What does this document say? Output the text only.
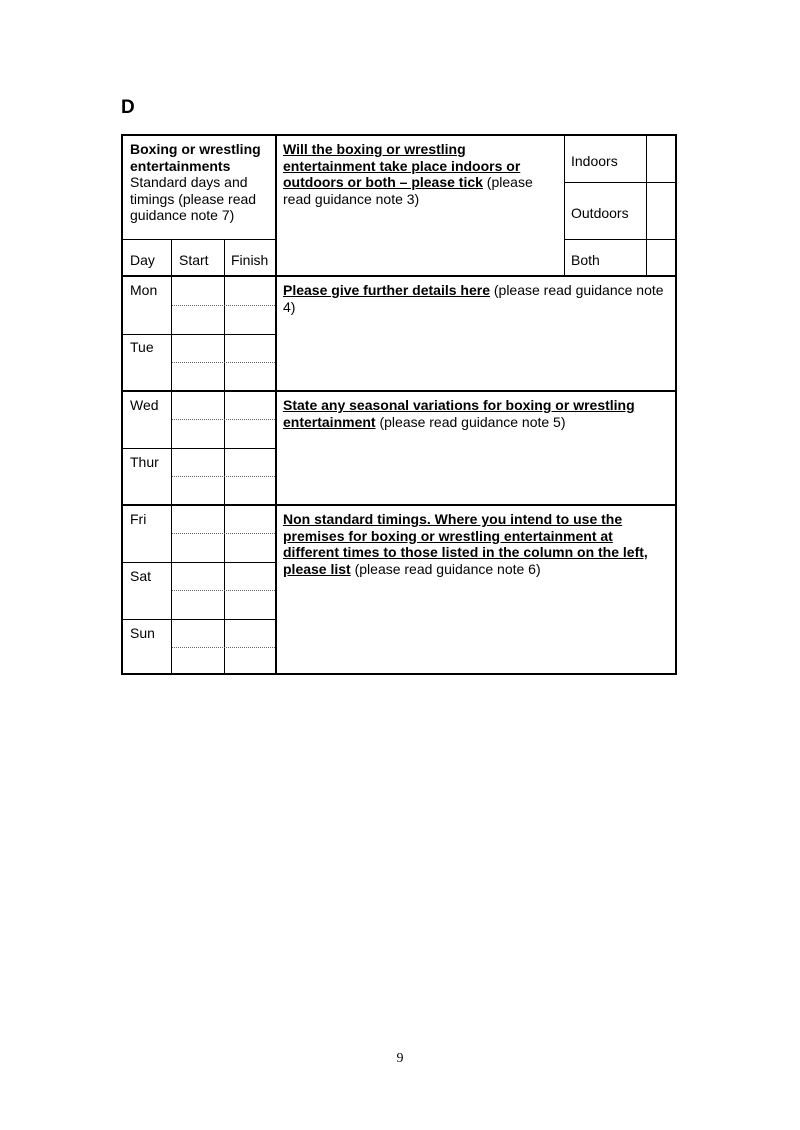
D
Boxing or wrestling entertainments
Standard days and timings (please read guidance note 7)
Day Start Finish
Mon
Tue
Wed
Thur
Fri
Sat
Sun
Will the boxing or wrestling entertainment take place indoors or outdoors or both – please tick (please read guidance note 3)
Indoors
Outdoors
Both
Please give further details here (please read guidance note 4)
State any seasonal variations for boxing or wrestling entertainment (please read guidance note 5)
Non standard timings. Where you intend to use the premises for boxing or wrestling entertainment at different times to those listed in the column on the left, please list (please read guidance note 6)
9
